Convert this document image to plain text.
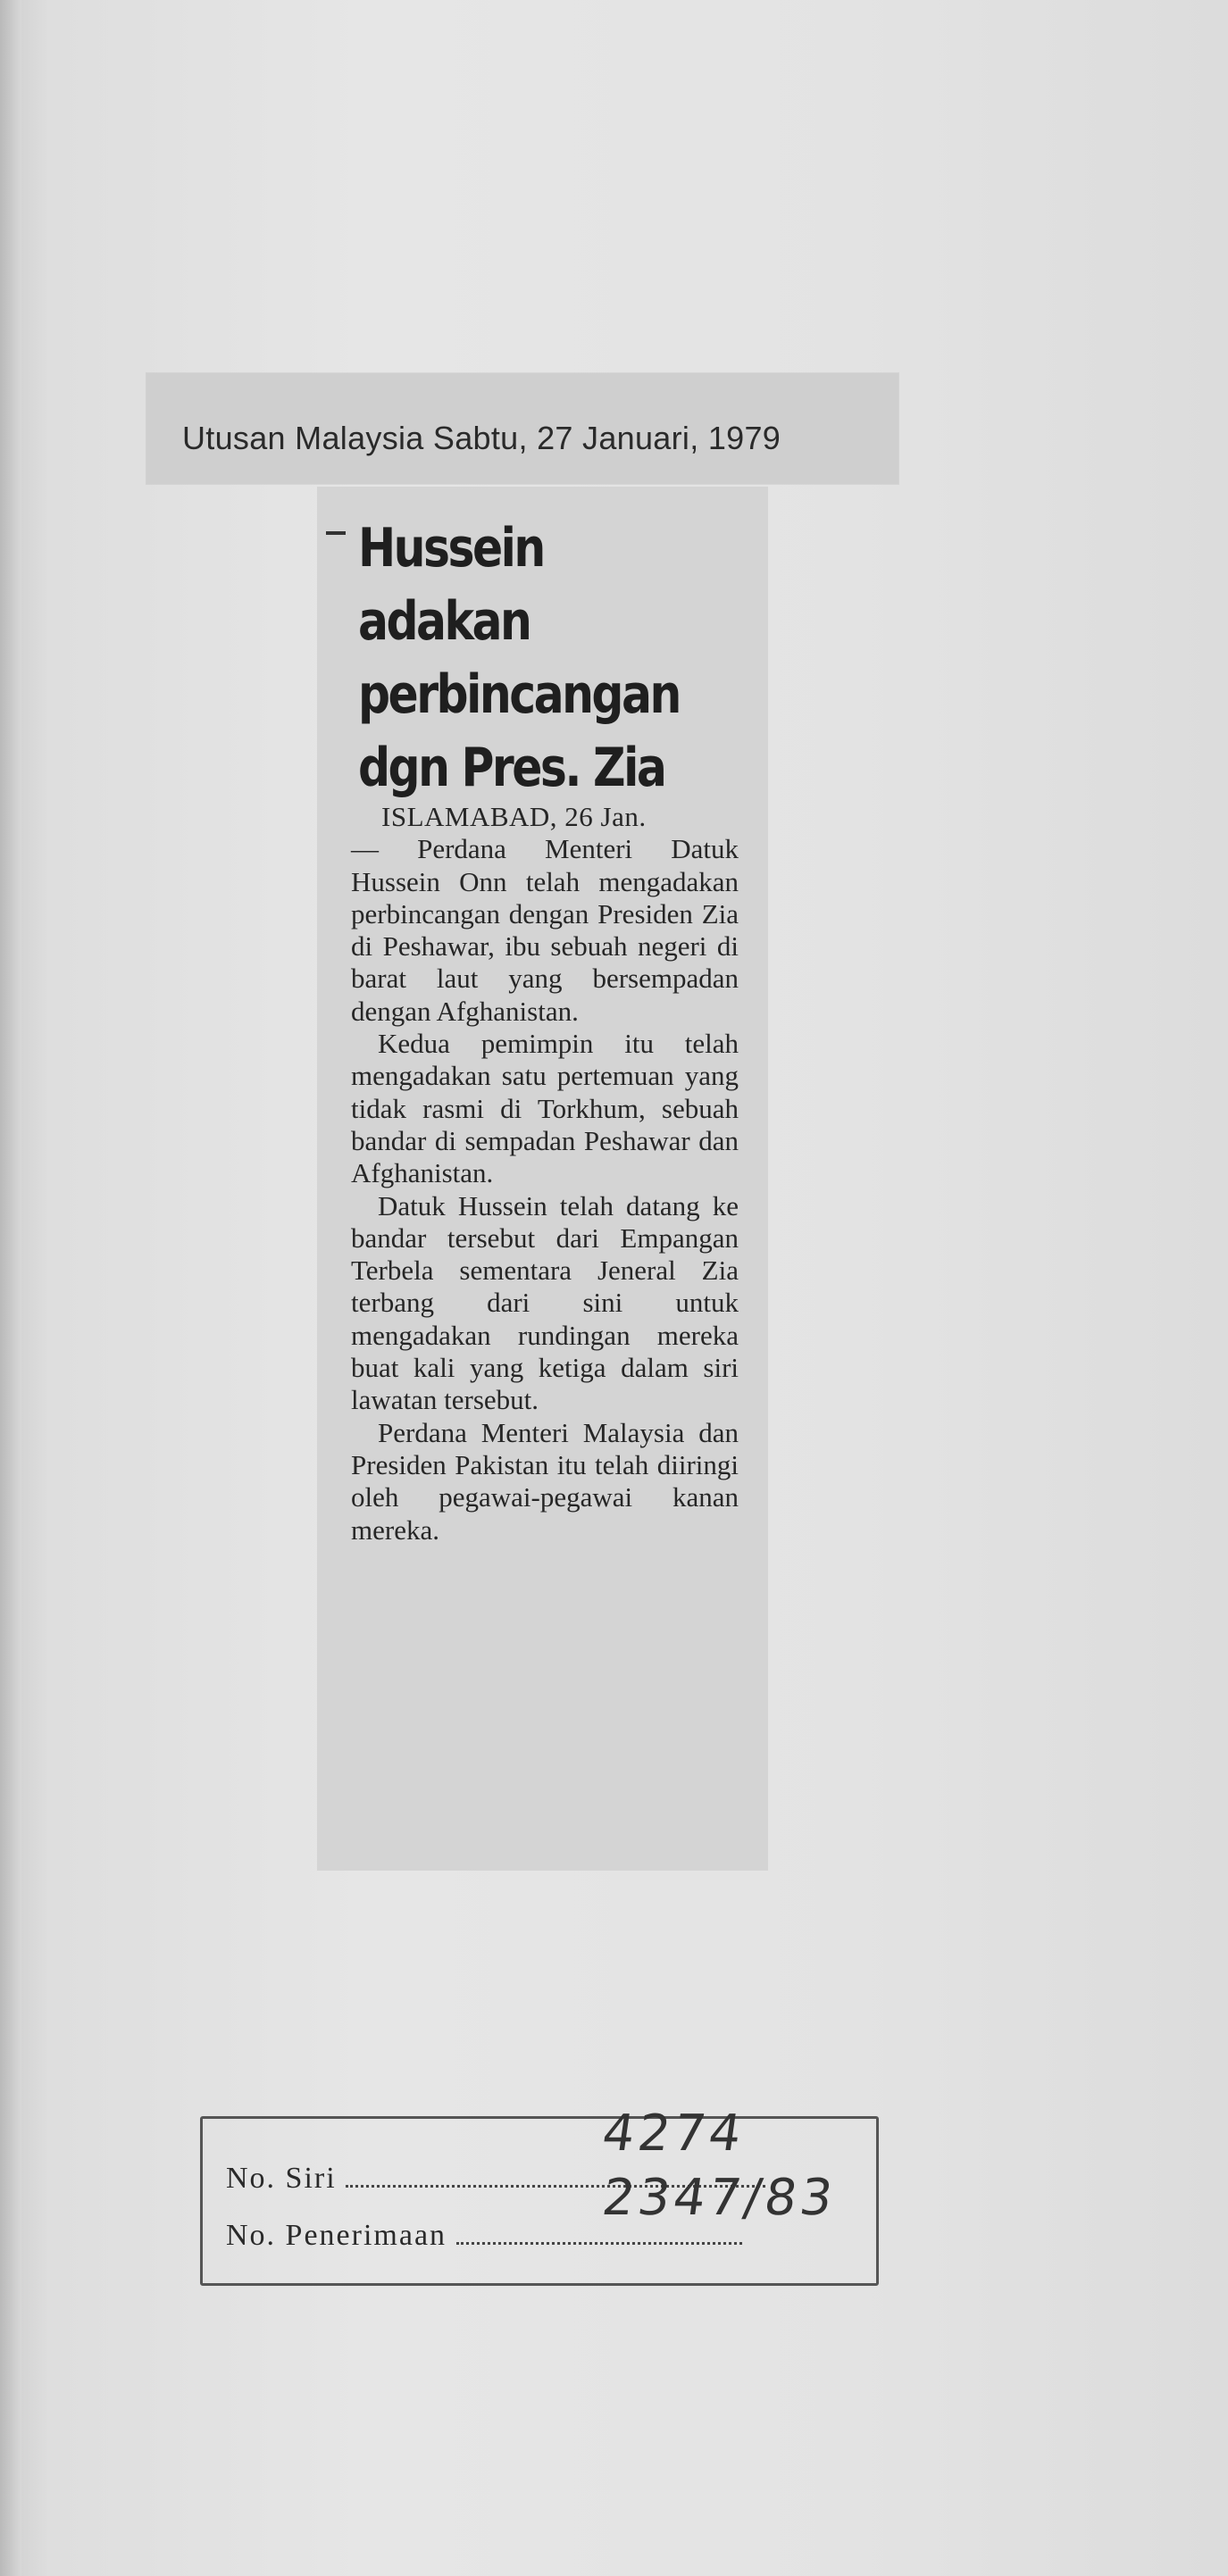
Utusan Malaysia Sabtu, 27 Januari, 1979
Hussein
adakan
perbincangan
dgn Pres. Zia
ISLAMABAD, 26 Jan.

— Perdana Menteri Datuk Hussein Onn telah mengadakan perbincangan dengan Presiden Zia di Peshawar, ibu sebuah negeri di barat laut yang bersempadan dengan Afghanistan.

Kedua pemimpin itu telah mengadakan satu pertemuan yang tidak rasmi di Torkhum, sebuah bandar di sempadan Peshawar dan Afghanistan.

Datuk Hussein telah datang ke bandar tersebut dari Empangan Terbela sementara Jeneral Zia terbang dari sini untuk mengadakan rundingan mereka buat kali yang ketiga dalam siri lawatan tersebut.

Perdana Menteri Malaysia dan Presiden Pakistan itu telah diiringi oleh pegawai-pegawai kanan mereka.

No. Siri
No. Penerimaan
4274
2347/83
